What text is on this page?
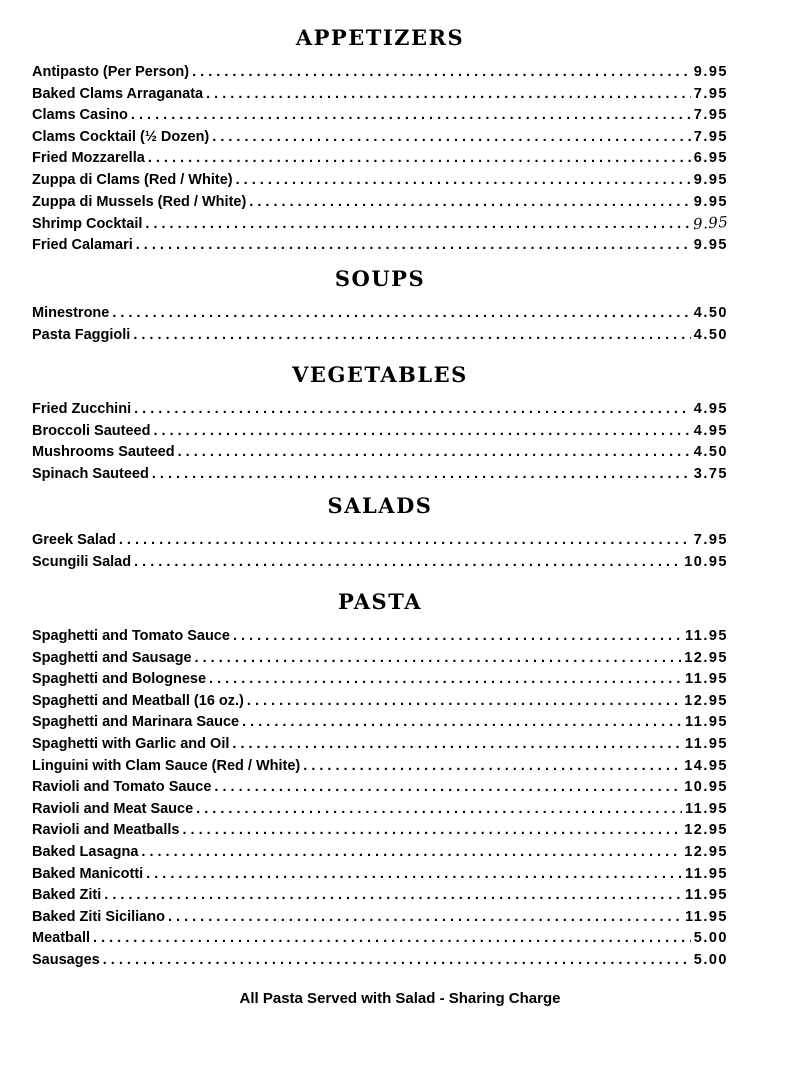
APPETIZERS
Antipasto (Per Person) . . .	9.95
Baked Clams Arraganata . . .	7.95
Clams Casino . . .	7.95
Clams Cocktail (½ Dozen) . . .	7.95
Fried Mozzarella . . .	6.95
Zuppa di Clams (Red / White) . . .	9.95
Zuppa di Mussels (Red / White) . . .	9.95
Shrimp Cocktail . . .	9.95
Fried Calamari . . .	9.95
SOUPS
Minestrone . . .	4.50
Pasta Faggioli . . .	4.50
VEGETABLES
Fried Zucchini . . .	4.95
Broccoli Sauteed . . .	4.95
Mushrooms Sauteed . . .	4.50
Spinach Sauteed . . .	3.75
SALADS
Greek Salad . . .	7.95
Scungili Salad . . .	10.95
PASTA
Spaghetti and Tomato Sauce . . .	11.95
Spaghetti and Sausage . . .	12.95
Spaghetti and Bolognese . . .	11.95
Spaghetti and Meatball (16 oz.) . . .	12.95
Spaghetti and Marinara Sauce . . .	11.95
Spaghetti with Garlic and Oil . . .	11.95
Linguini with Clam Sauce (Red / White) . . .	14.95
Ravioli and Tomato Sauce . . .	10.95
Ravioli and Meat Sauce . . .	11.95
Ravioli and Meatballs . . .	12.95
Baked Lasagna . . .	12.95
Baked Manicotti . . .	11.95
Baked Ziti . . .	11.95
Baked Ziti Siciliano . . .	11.95
Meatball . . .	5.00
Sausages . . .	5.00
All Pasta Served with Salad - Sharing Charge
